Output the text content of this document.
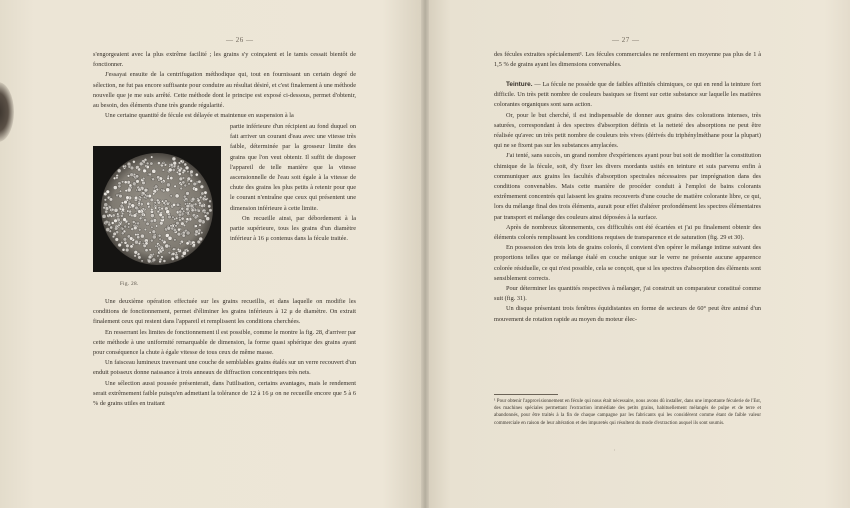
— 26 —

s'engorgeaient avec la plus extrême facilité ; les grains s'y coinçaient et le tamis cessait bientôt de fonctionner.

J'essayai ensuite de la centrifugation méthodique qui, tout en fournissant un certain degré de sélection, ne fut pas encore suffisante pour conduire au résultat désiré, et c'est finalement à une méthode nouvelle que je me suis arrêté. Cette méthode dont le principe est exposé ci-dessous, permet d'obtenir, au besoin, des éléments d'une très grande régularité.

Une certaine quantité de fécule est délayée et maintenue en suspension à la

Fig. 28.

partie inférieure d'un récipient au fond duquel on fait arriver un courant d'eau avec une vitesse très faible, déterminée par la grosseur limite des grains que l'on veut obtenir. Il suffit de disposer l'appareil de telle manière que la vitesse ascensionnelle de l'eau soit égale à la vitesse de chute des grains les plus petits à retenir pour que le courant n'entraîne que ceux qui présentent une dimension inférieure à cette limite.

On recueille ainsi, par débordement à la partie supérieure, tous les grains d'un diamètre inférieur à 16 μ contenus dans la fécule traitée.

Une deuxième opération effectuée sur les grains recueillis, et dans laquelle on modifie les conditions de fonctionnement, permet d'éliminer les grains inférieurs à 12 μ de diamètre. On extrait finalement ceux qui restent dans l'appareil et remplissent les conditions cherchées.

En resserrant les limites de fonctionnement il est possible, comme le montre la fig. 28, d'arriver par cette méthode à une uniformité remarquable de dimension, la forme quasi sphérique des grains ayant pour conséquence la chute à égale vitesse de tous ceux de même masse.

Un faisceau lumineux traversant une couche de semblables grains étalés sur un verre recouvert d'un enduit poisseux donne naissance à trois anneaux de diffraction concentriques très nets.

Une sélection aussi poussée présenterait, dans l'utilisation, certains avantages, mais le rendement serait extrêmement faible puisqu'en admettant la tolérance de 12 à 16 μ on ne recueille encore que 5 à 6 % de grains utiles en traitant

— 27 —

des fécules extraites spécialement¹. Les fécules commerciales ne renferment en moyenne pas plus de 1 à 1,5 % de grains ayant les dimensions convenables.

Teinture. — La fécule ne possède que de faibles affinités chimiques, ce qui en rend la teinture fort difficile. Un très petit nombre de couleurs basiques se fixent sur cette substance sur laquelle les matières colorantes organiques sont sans action.

Or, pour le but cherché, il est indispensable de donner aux grains des colorations intenses, très saturées, correspondant à des spectres d'absorption définis et la netteté des absorptions ne peut être réalisée qu'avec un très petit nombre de couleurs très vives (dérivés du triphénylméthane pour la plupart) qui ne se fixent pas sur les substances amylacées.

J'ai tenté, sans succès, un grand nombre d'expériences ayant pour but soit de modifier la constitution chimique de la fécule, soit, d'y fixer les divers mordants usités en teinture et suis parvenu enfin à communiquer aux grains les facultés d'absorption spectrales nécessaires par imprégnation dans des conditions convenables. Mais cette manière de procéder conduit à l'emploi de bains colorants extrêmement concentrés qui laissent les grains recouverts d'une couche de matière colorante libre, ce qui, lors du mélange final des trois éléments, aurait pour effet d'altérer profondément les spectres élémentaires par transport et mélange des couleurs ainsi déposées à la surface.

Après de nombreux tâtonnements, ces difficultés ont été écartées et j'ai pu finalement obtenir des éléments colorés remplissant les conditions requises de transparence et de saturation (fig. 29 et 30).

En possession des trois lots de grains colorés, il convient d'en opérer le mélange intime suivant des proportions telles que ce mélange étalé en couche unique sur le verre ne présente aucune apparence colorée résiduelle, ce qui n'est possible, cela se conçoit, que si les spectres d'absorption des éléments sont sensiblement corrects.

Pour déterminer les quantités respectives à mélanger, j'ai construit un comparateur constitué comme suit (fig. 31).

Un disque présentant trois fenêtres équidistantes en forme de secteurs de 60° peut être animé d'un mouvement de rotation rapide au moyen du moteur élec-

¹ Pour obtenir l'approvisionnement en fécule qui nous était nécessaire, nous avons dû installer, dans une importante féculerie de l'Est, des machines spéciales permettant l'extraction immédiate des petits grains, habituellement mélangés de pulpe et de terre et abandonnés, pour être traités à la fin de chaque campagne par les fabricants qui les considèrent comme étant de faible valeur commerciale en raison de leur altération et des impuretés qui résultent du mode d'extraction auquel ils sont soumis.
'
